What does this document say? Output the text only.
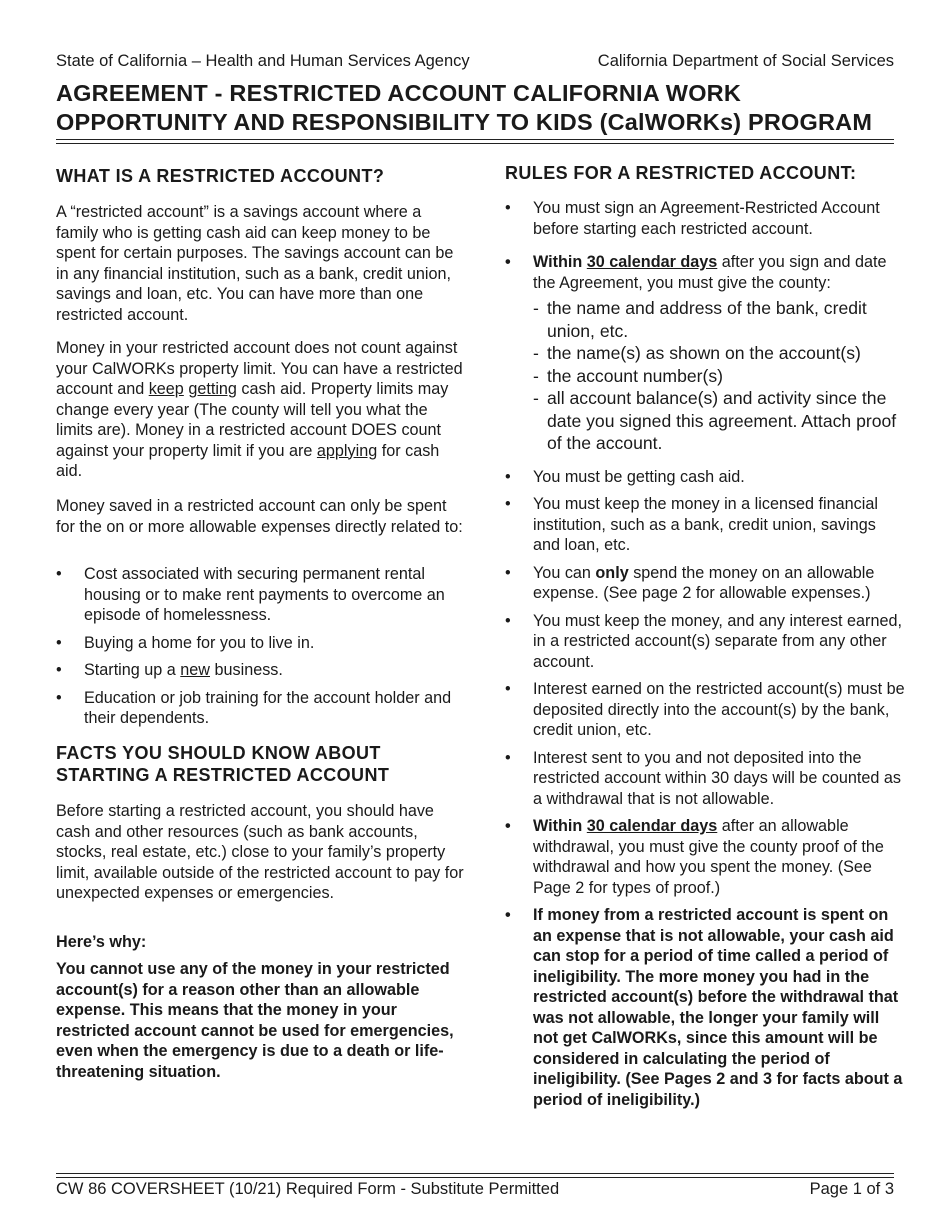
State of California – Health and Human Services Agency	California Department of Social Services
AGREEMENT - RESTRICTED ACCOUNT CALIFORNIA WORK
OPPORTUNITY AND RESPONSIBILITY TO KIDS (CalWORKs) PROGRAM
WHAT IS A RESTRICTED ACCOUNT?

A “restricted account” is a savings account where a family who is getting cash aid can keep money to be spent for certain purposes. The savings account can be in any financial institution, such as a bank, credit union, savings and loan, etc. You can have more than one restricted account.

Money in your restricted account does not count against your CalWORKs property limit. You can have a restricted account and keep getting cash aid. Property limits may change every year (The county will tell you what the limits are). Money in a restricted account DOES count against your property limit if you are applying for cash aid.

Money saved in a restricted account can only be spent for the on or more allowable expenses directly related to:

• Cost associated with securing permanent rental housing or to make rent payments to overcome an episode of homelessness.
• Buying a home for you to live in.
• Starting up a new business.
• Education or job training for the account holder and their dependents.
FACTS YOU SHOULD KNOW ABOUT
STARTING A RESTRICTED ACCOUNT

Before starting a restricted account, you should have cash and other resources (such as bank accounts, stocks, real estate, etc.) close to your family’s property limit, available outside of the restricted account to pay for unexpected expenses or emergencies.

Here’s why:

You cannot use any of the money in your restricted account(s) for a reason other than an allowable expense. This means that the money in your restricted account cannot be used for emergencies, even when the emergency is due to a death or life-threatening situation.

RULES FOR A RESTRICTED ACCOUNT:
• You must sign an Agreement-Restricted Account before starting each restricted account.
• Within 30 calendar days after you sign and date the Agreement, you must give the county:
- the name and address of the bank, credit union, etc.
- the name(s) as shown on the account(s)
- the account number(s)
- all account balance(s) and activity since the date you signed this agreement. Attach proof of the account.
• You must be getting cash aid.
• You must keep the money in a licensed financial institution, such as a bank, credit union, savings and loan, etc.
• You can only spend the money on an allowable expense. (See page 2 for allowable expenses.)
• You must keep the money, and any interest earned, in a restricted account(s) separate from any other account.
• Interest earned on the restricted account(s) must be deposited directly into the account(s) by the bank, credit union, etc.
• Interest sent to you and not deposited into the restricted account within 30 days will be counted as a withdrawal that is not allowable.
• Within 30 calendar days after an allowable withdrawal, you must give the county proof of the withdrawal and how you spent the money. (See Page 2 for types of proof.)
• If money from a restricted account is spent on an expense that is not allowable, your cash aid can stop for a period of time called a period of ineligibility. The more money you had in the restricted account(s) before the withdrawal that was not allowable, the longer your family will not get CalWORKs, since this amount will be considered in calculating the period of ineligibility. (See Pages 2 and 3 for facts about a period of ineligibility.)
CW 86 COVERSHEET (10/21) Required Form - Substitute Permitted	Page 1 of 3
